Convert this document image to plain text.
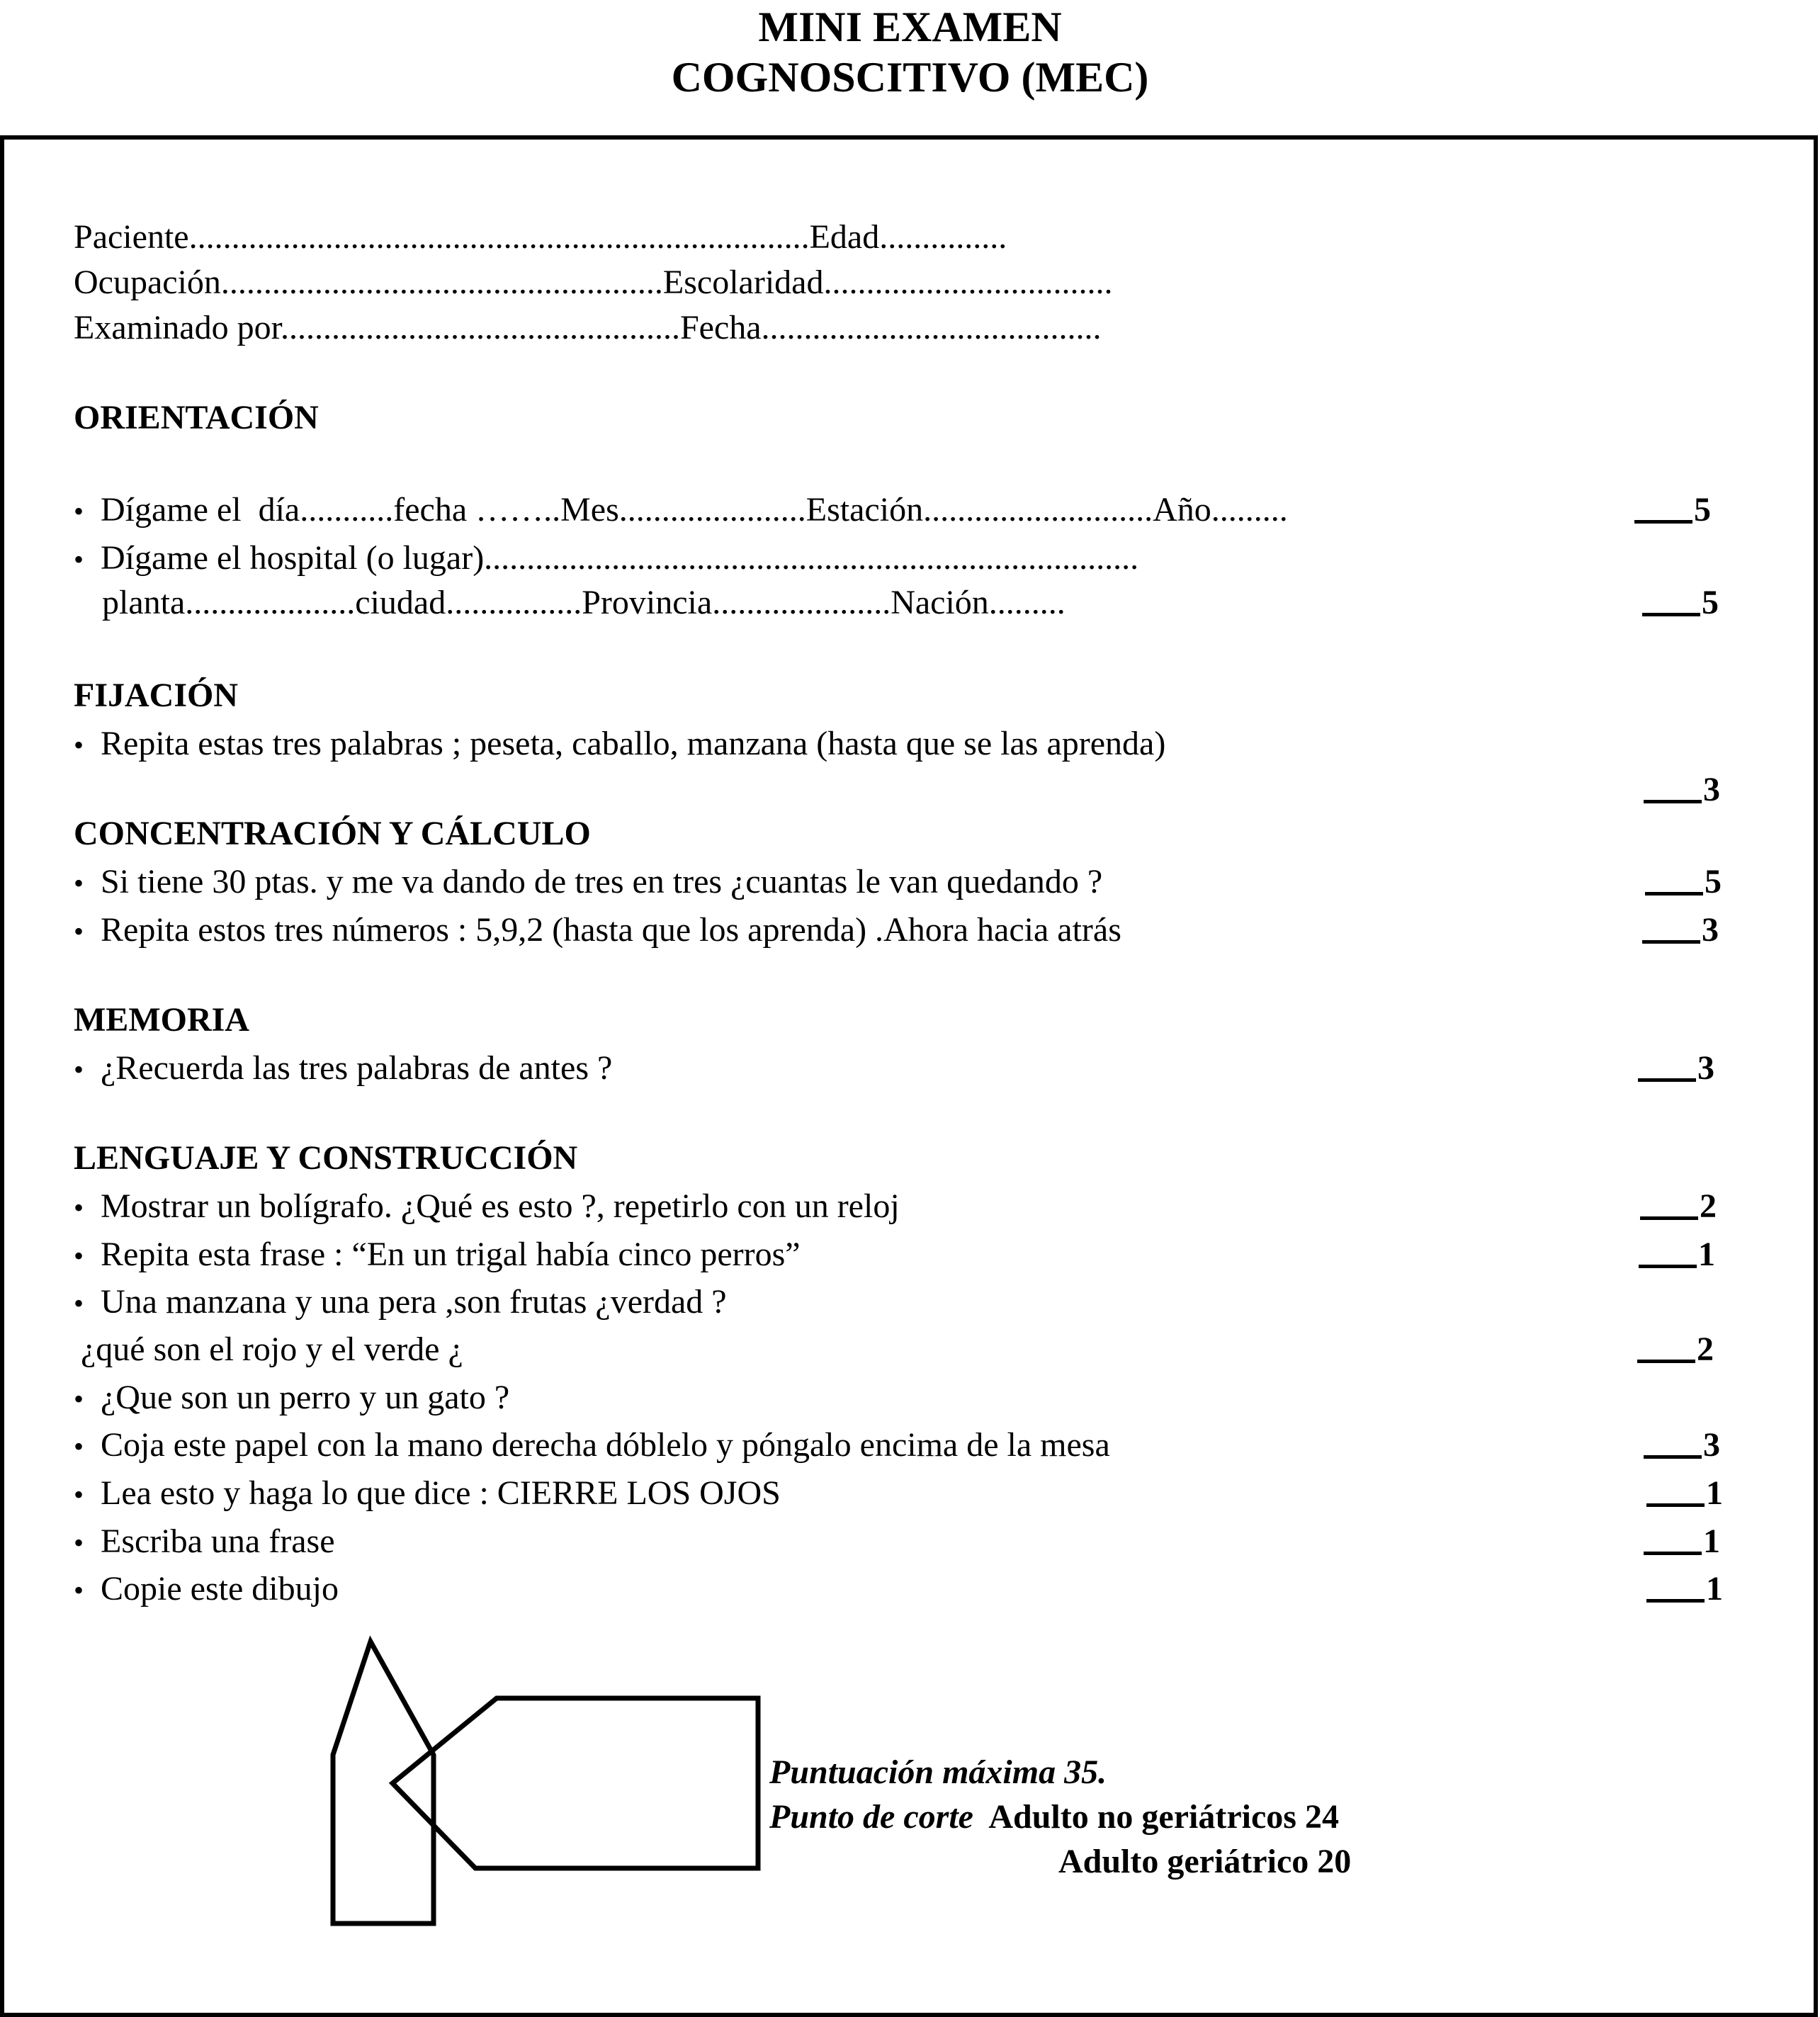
MINI EXAMEN
COGNOSCITIVO (MEC)
Paciente.........................................................................Edad...............
Ocupación....................................................Escolaridad..................................
Examinado por...............................................Fecha........................................
ORIENTACIÓN
• Dígame el  día...........fecha ……..Mes......................Estación...........................Año.........	5
• Dígame el hospital (o lugar).............................................................................
planta....................ciudad................Provincia.....................Nación.........	5
FIJACIÓN
• Repita estas tres palabras ; peseta, caballo, manzana (hasta que se las aprenda)
3
CONCENTRACIÓN Y CÁLCULO
• Si tiene 30 ptas. y me va dando de tres en tres ¿cuantas le van quedando ?	5
• Repita estos tres números : 5,9,2 (hasta que los aprenda) .Ahora hacia atrás	3
MEMORIA
• ¿Recuerda las tres palabras de antes ?	3
LENGUAJE Y CONSTRUCCIÓN
• Mostrar un bolígrafo. ¿Qué es esto ?, repetirlo con un reloj	2
• Repita esta frase : “En un trigal había cinco perros”	1
• Una manzana y una pera ,son frutas ¿verdad ?
¿qué son el rojo y el verde ¿	2
• ¿Que son un perro y un gato ?
• Coja este papel con la mano derecha dóblelo y póngalo encima de la mesa	3
• Lea esto y haga lo que dice : CIERRE LOS OJOS	1
• Escriba una frase	1
• Copie este dibujo	1
Puntuación máxima 35.
Punto de corte Adulto no geriátricos 24
Adulto geriátrico 20
